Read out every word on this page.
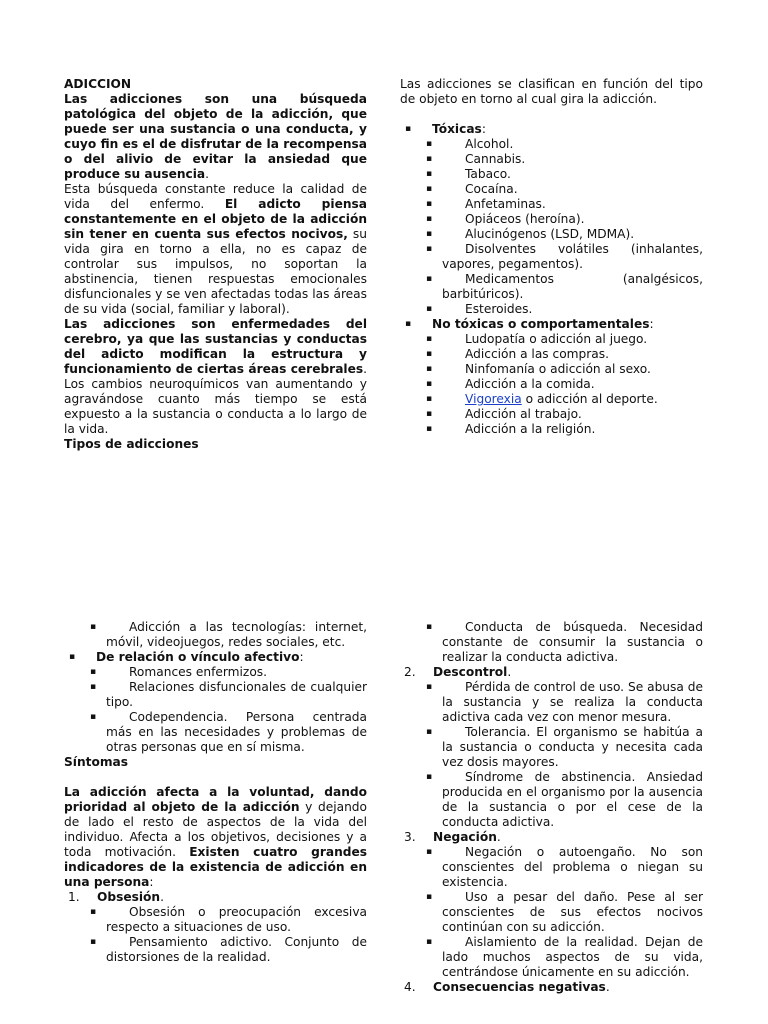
ADICCION

Las adicciones son una búsqueda patológica del objeto de la adicción, que puede ser una sustancia o una conducta, y cuyo fin es el de disfrutar de la recompensa o del alivio de evitar la ansiedad que produce su ausencia.

Esta búsqueda constante reduce la calidad de vida del enfermo. El adicto piensa constantemente en el objeto de la adicción sin tener en cuenta sus efectos nocivos, su vida gira en torno a ella, no es capaz de controlar sus impulsos, no soportan la abstinencia, tienen respuestas emocionales disfuncionales y se ven afectadas todas las áreas de su vida (social, familiar y laboral).

Las adicciones son enfermedades del cerebro, ya que las sustancias y conductas del adicto modifican la estructura y funcionamiento de ciertas áreas cerebrales. Los cambios neuroquímicos van aumentando y agravándose cuanto más tiempo se está expuesto a la sustancia o conducta a lo largo de la vida.

Tipos de adicciones

Las adicciones se clasifican en función del tipo de objeto en torno al cual gira la adicción.

▪ Tóxicas:
▪	Alcohol.
▪	Cannabis.
▪	Tabaco.
▪	Cocaína.
▪	Anfetaminas.
▪	Opiáceos (heroína).
▪	Alucinógenos (LSD, MDMA).
▪	Disolventes volátiles (inhalantes, vapores, pegamentos).
▪	Medicamentos (analgésicos, barbitúricos).
▪	Esteroides.
▪ No tóxicas o comportamentales:
▪	Ludopatía o adicción al juego.
▪	Adicción a las compras.
▪	Ninfomanía o adicción al sexo.
▪	Adicción a la comida.
▪	Vigorexia o adicción al deporte.
▪	Adicción al trabajo.
▪	Adicción a la religión.
▪	Adicción a las tecnologías: internet, móvil, videojuegos, redes sociales, etc.
▪ De relación o vínculo afectivo:
▪	Romances enfermizos.
▪	Relaciones disfuncionales de cualquier tipo.
▪	Codependencia. Persona centrada más en las necesidades y problemas de otras personas que en sí misma.

Síntomas

La adicción afecta a la voluntad, dando prioridad al objeto de la adicción y dejando de lado el resto de aspectos de la vida del individuo. Afecta a los objetivos, decisiones y a toda motivación. Existen cuatro grandes indicadores de la existencia de adicción en una persona:

1. Obsesión.
▪	Obsesión o preocupación excesiva respecto a situaciones de uso.
▪	Pensamiento adictivo. Conjunto de distorsiones de la realidad.
▪	Conducta de búsqueda. Necesidad constante de consumir la sustancia o realizar la conducta adictiva.
2. Descontrol.
▪	Pérdida de control de uso. Se abusa de la sustancia y se realiza la conducta adictiva cada vez con menor mesura.
▪	Tolerancia. El organismo se habitúa a la sustancia o conducta y necesita cada vez dosis mayores.
▪	Síndrome de abstinencia. Ansiedad producida en el organismo por la ausencia de la sustancia o por el cese de la conducta adictiva.
3. Negación.
▪	Negación o autoengaño. No son conscientes del problema o niegan su existencia.
▪	Uso a pesar del daño. Pese al ser conscientes de sus efectos nocivos continúan con su adicción.
▪	Aislamiento de la realidad. Dejan de lado muchos aspectos de su vida, centrándose únicamente en su adicción.
4. Consecuencias negativas.
